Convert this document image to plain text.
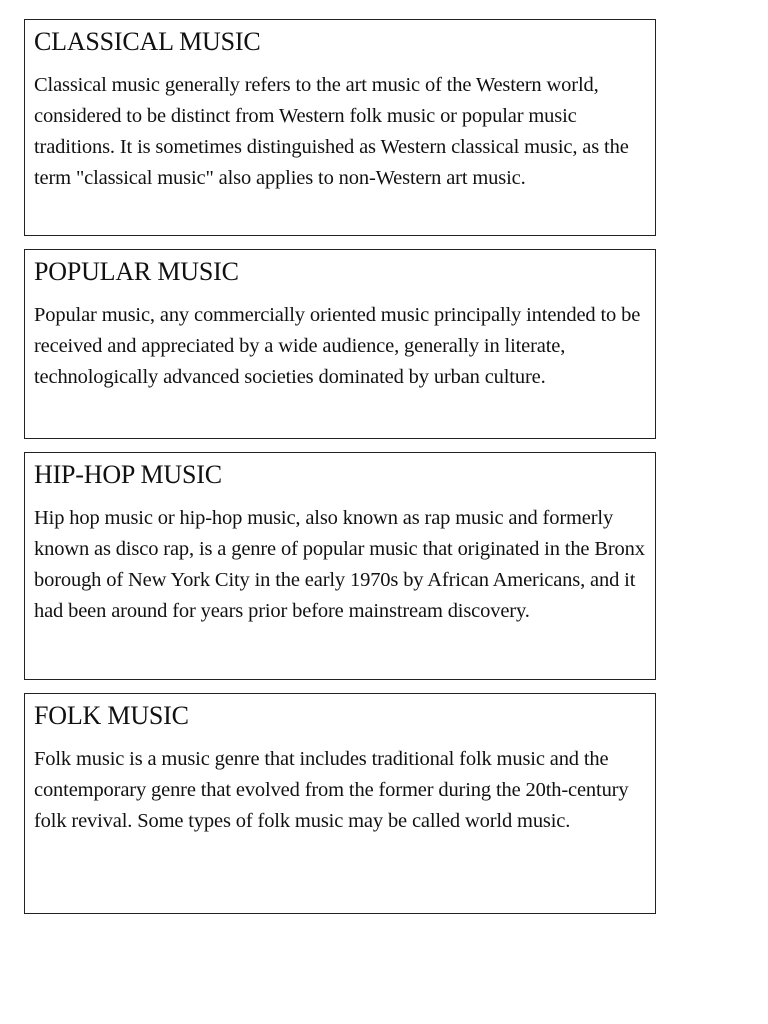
CLASSICAL MUSIC

Classical music generally refers to the art music of the Western world, considered to be distinct from Western folk music or popular music traditions. It is sometimes distinguished as Western classical music, as the term "classical music" also applies to non-Western art music.

POPULAR MUSIC

Popular music, any commercially oriented music principally intended to be received and appreciated by a wide audience, generally in literate, technologically advanced societies dominated by urban culture.

HIP-HOP MUSIC

Hip hop music or hip-hop music, also known as rap music and formerly known as disco rap, is a genre of popular music that originated in the Bronx borough of New York City in the early 1970s by African Americans, and it had been around for years prior before mainstream discovery.

FOLK MUSIC

Folk music is a music genre that includes traditional folk music and the contemporary genre that evolved from the former during the 20th-century folk revival. Some types of folk music may be called world music.
